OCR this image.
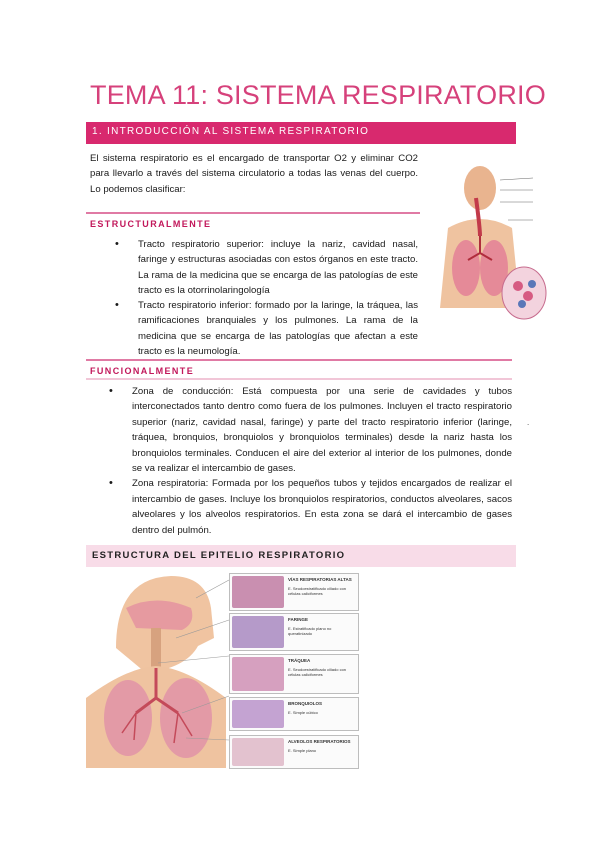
TEMA 11: SISTEMA RESPIRATORIO
1. INTRODUCCIÓN AL SISTEMA RESPIRATORIO
El sistema respiratorio es el encargado de transportar O2 y eliminar CO2 para llevarlo a través del sistema circulatorio a todas las venas del cuerpo. Lo podemos clasificar:
ESTRUCTURALMENTE
• Tracto respiratorio superior: incluye la nariz, cavidad nasal, faringe y estructuras asociadas con estos órganos en este tracto. La rama de la medicina que se encarga de las patologías de este tracto es la otorrinolaringología
• Tracto respiratorio inferior: formado por la laringe, la tráquea, las ramificaciones branquiales y los pulmones. La rama de la medicina que se encarga de las patologías que afectan a este tracto es la neumología.
FUNCIONALMENTE
• Zona de conducción: Está compuesta por una serie de cavidades y tubos interconectados tanto dentro como fuera de los pulmones. Incluyen el tracto respiratorio superior (nariz, cavidad nasal, faringe) y parte del tracto respiratorio inferior (laringe, tráquea, bronquios, bronquiolos y bronquiolos terminales) desde la nariz hasta los bronquiolos terminales. Conducen el aire del exterior al interior de los pulmones, donde se va realizar el intercambio de gases.
• Zona respiratoria: Formada por los pequeños tubos y tejidos encargados de realizar el intercambio de gases. Incluye los bronquiolos respiratorios, conductos alveolares, sacos alveolares y los alveolos respiratorios. En esta zona se dará el intercambio de gases dentro del pulmón.
.
ESTRUCTURA DEL EPITELIO RESPIRATORIO
VÍAS RESPIRATORIAS ALTAS
E. Seudoestratificado ciliado con células caliciformes
FARINGE
E. Estratificado plano no queratinizado
TRÁQUEA
E. Seudoestratificado ciliado con células caliciformes
BRONQUIOLOS
E. Simple cúbico
ALVEOLOS RESPIRATORIOS
E. Simple plano
